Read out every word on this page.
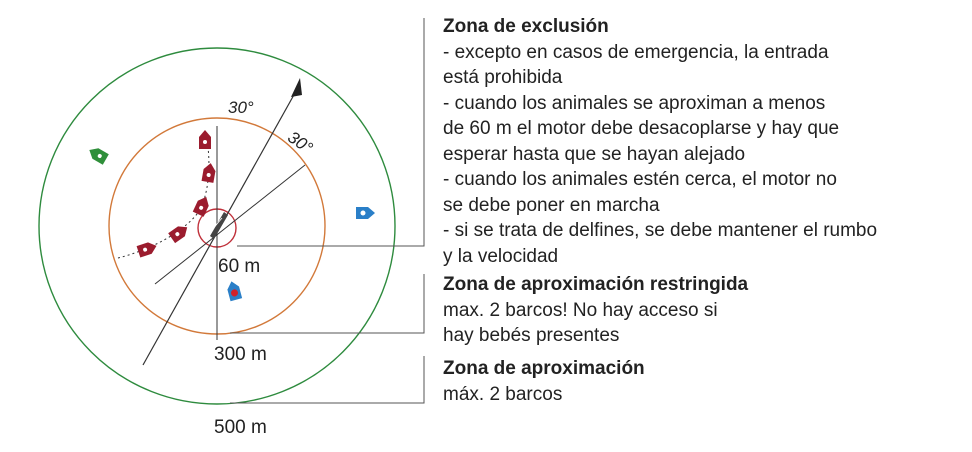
30°
30°
60 m
300 m
500 m
Zona de exclusión
- excepto en casos de emergencia, la entrada
está prohibida
- cuando los animales se aproximan a menos
de 60 m el motor debe desacoplarse y hay que
esperar hasta que se hayan alejado
- cuando los animales estén cerca, el motor no
se debe poner en marcha
- si se trata de delfines, se debe mantener el rumbo
y la velocidad
Zona de aproximación restringida
max. 2 barcos! No hay acceso si
hay bebés presentes
Zona de aproximación
máx. 2 barcos
